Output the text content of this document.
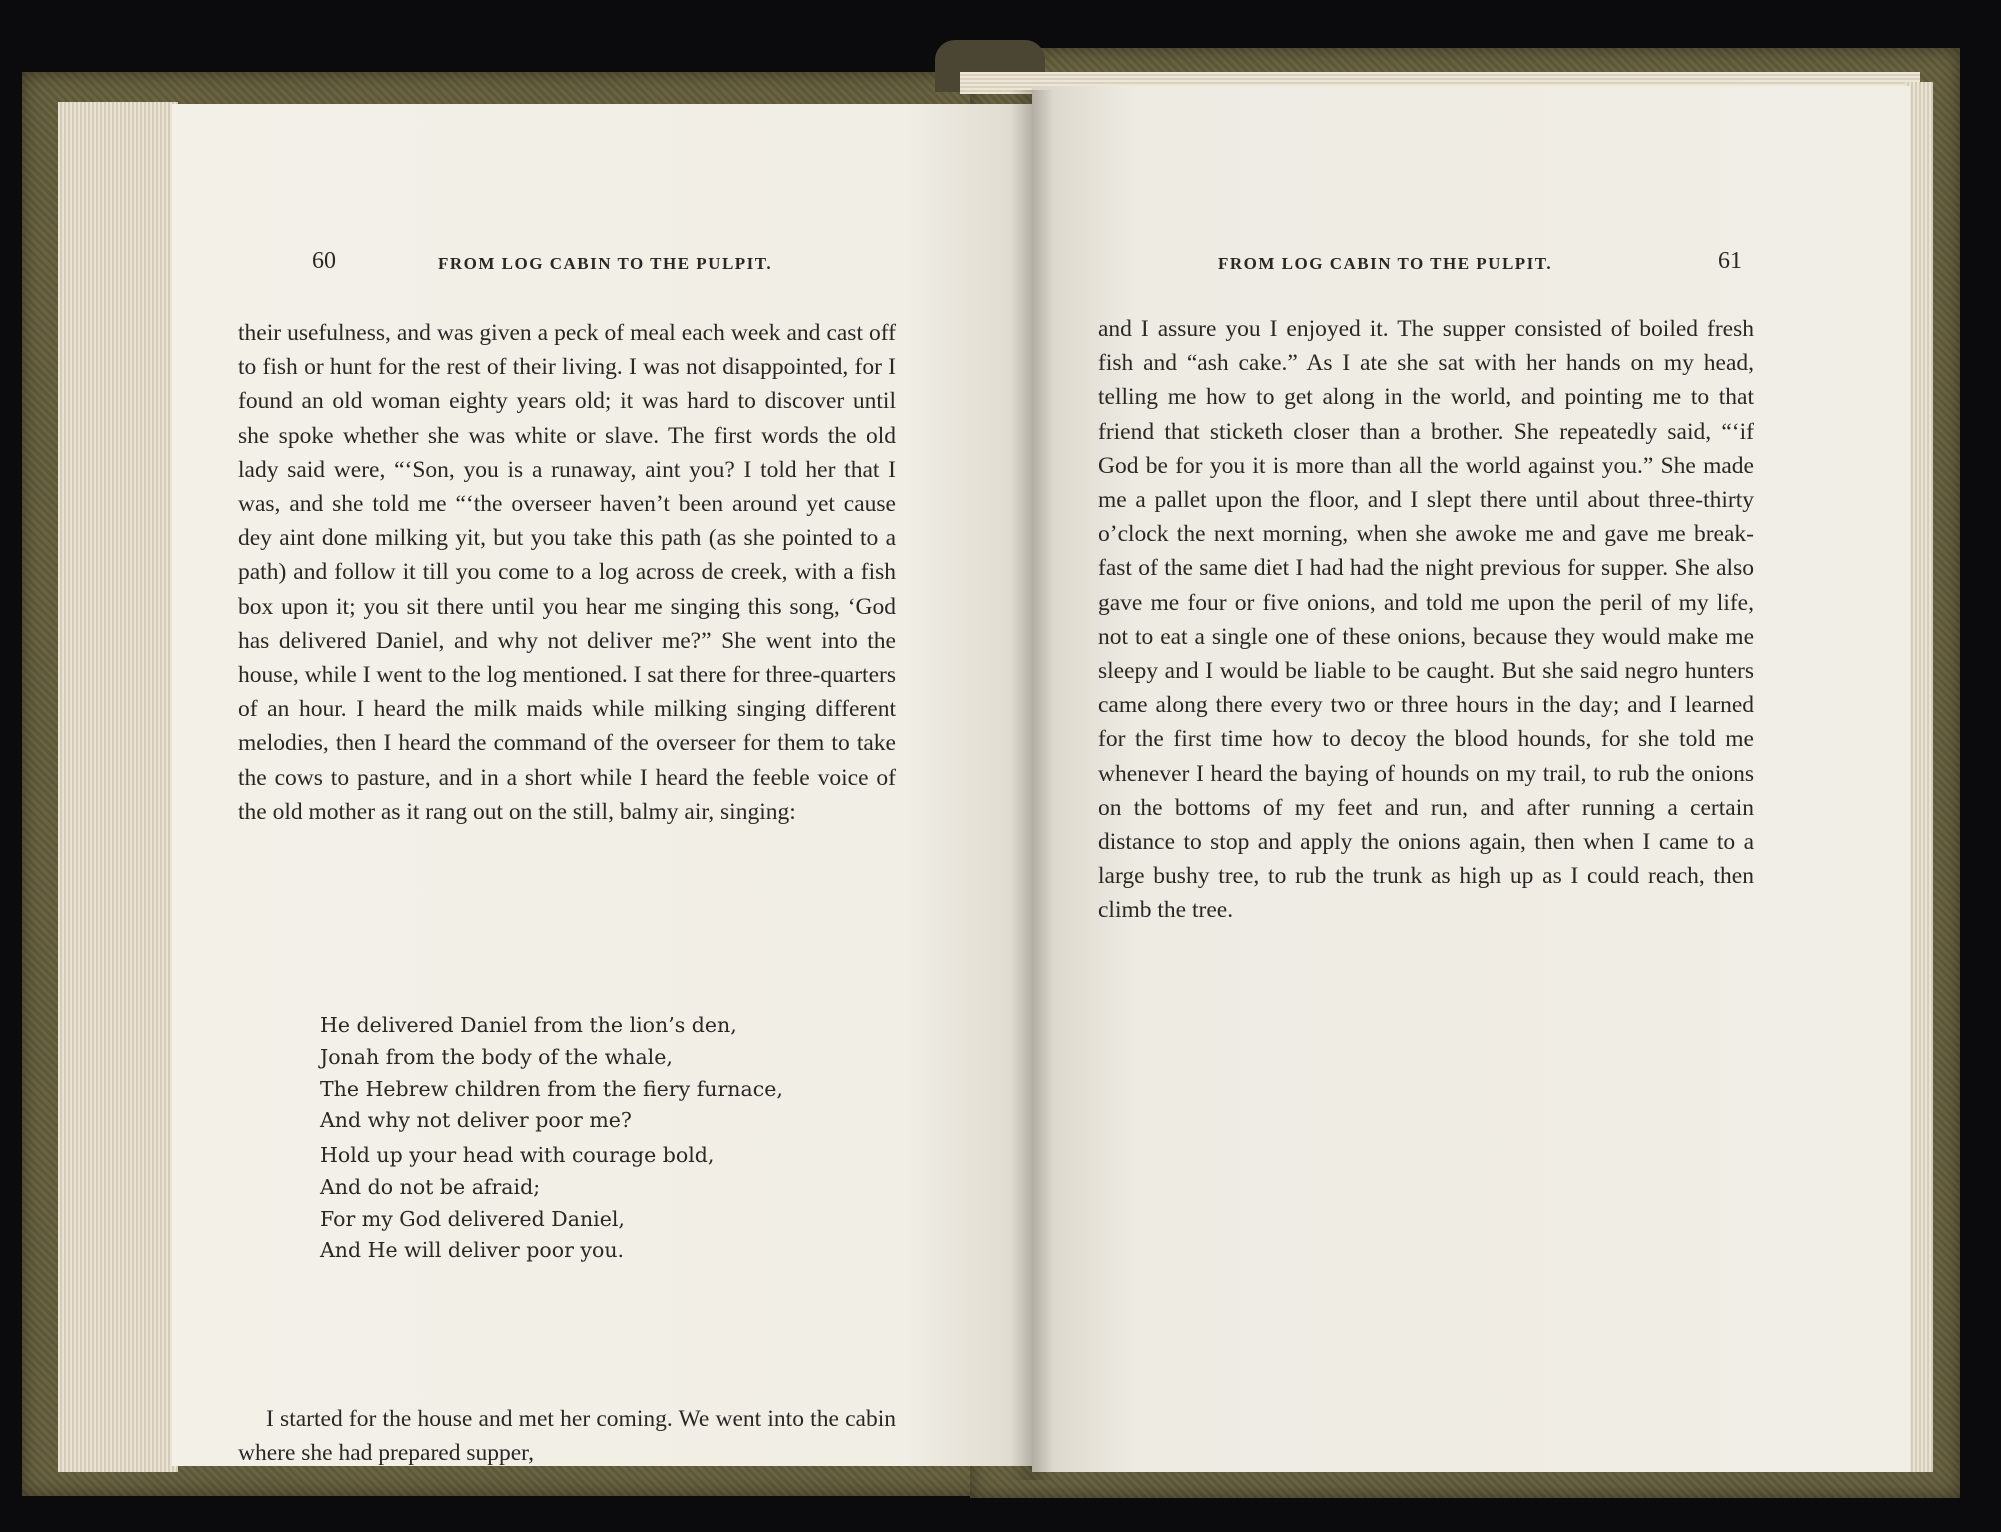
60	FROM LOG CABIN TO THE PULPIT.

their usefulness, and was given a peck of meal each week and cast off to fish or hunt for the rest of their living. I was not disappointed, for I found an old woman eighty years old; it was hard to discover until she spoke whether she was white or slave. The first words the old lady said were, “‘Son, you is a runaway, aint you? I told her that I was, and she told me “‘the overseer haven’t been around yet cause dey aint done milking yit, but you take this path (as she pointed to a path) and follow it till you come to a log across de creek, with a fish box upon it; you sit there until you hear me singing this song, ‘God has delivered Daniel, and why not deliver me?” She went into the house, while I went to the log mentioned. I sat there for three-quarters of an hour. I heard the milk maids while milking singing different melodies, then I heard the command of the overseer for them to take the cows to pasture, and in a short while I heard the feeble voice of the old mother as it rang out on the still, balmy air, singing:

He delivered Daniel from the lion’s den,
Jonah from the body of the whale,
The Hebrew children from the fiery furnace,
And why not deliver poor me?
Hold up your head with courage bold,
And do not be afraid;
For my God delivered Daniel,
And He will deliver poor you.

I started for the house and met her coming. We went into the cabin where she had prepared supper,

FROM LOG CABIN TO THE PULPIT.	61

and I assure you I enjoyed it. The supper consisted of boiled fresh fish and “ash cake.” As I ate she sat with her hands on my head, telling me how to get along in the world, and pointing me to that friend that sticketh closer than a brother. She repeatedly said, “‘if God be for you it is more than all the world against you.” She made me a pallet upon the floor, and I slept there until about three-thirty o’clock the next morning, when she awoke me and gave me break-fast of the same diet I had had the night previous for supper. She also gave me four or five onions, and told me upon the peril of my life, not to eat a single one of these onions, because they would make me sleepy and I would be liable to be caught. But she said negro hunters came along there every two or three hours in the day; and I learned for the first time how to decoy the blood hounds, for she told me whenever I heard the baying of hounds on my trail, to rub the onions on the bottoms of my feet and run, and after running a certain distance to stop and apply the onions again, then when I came to a large bushy tree, to rub the trunk as high up as I could reach, then climb the tree.
